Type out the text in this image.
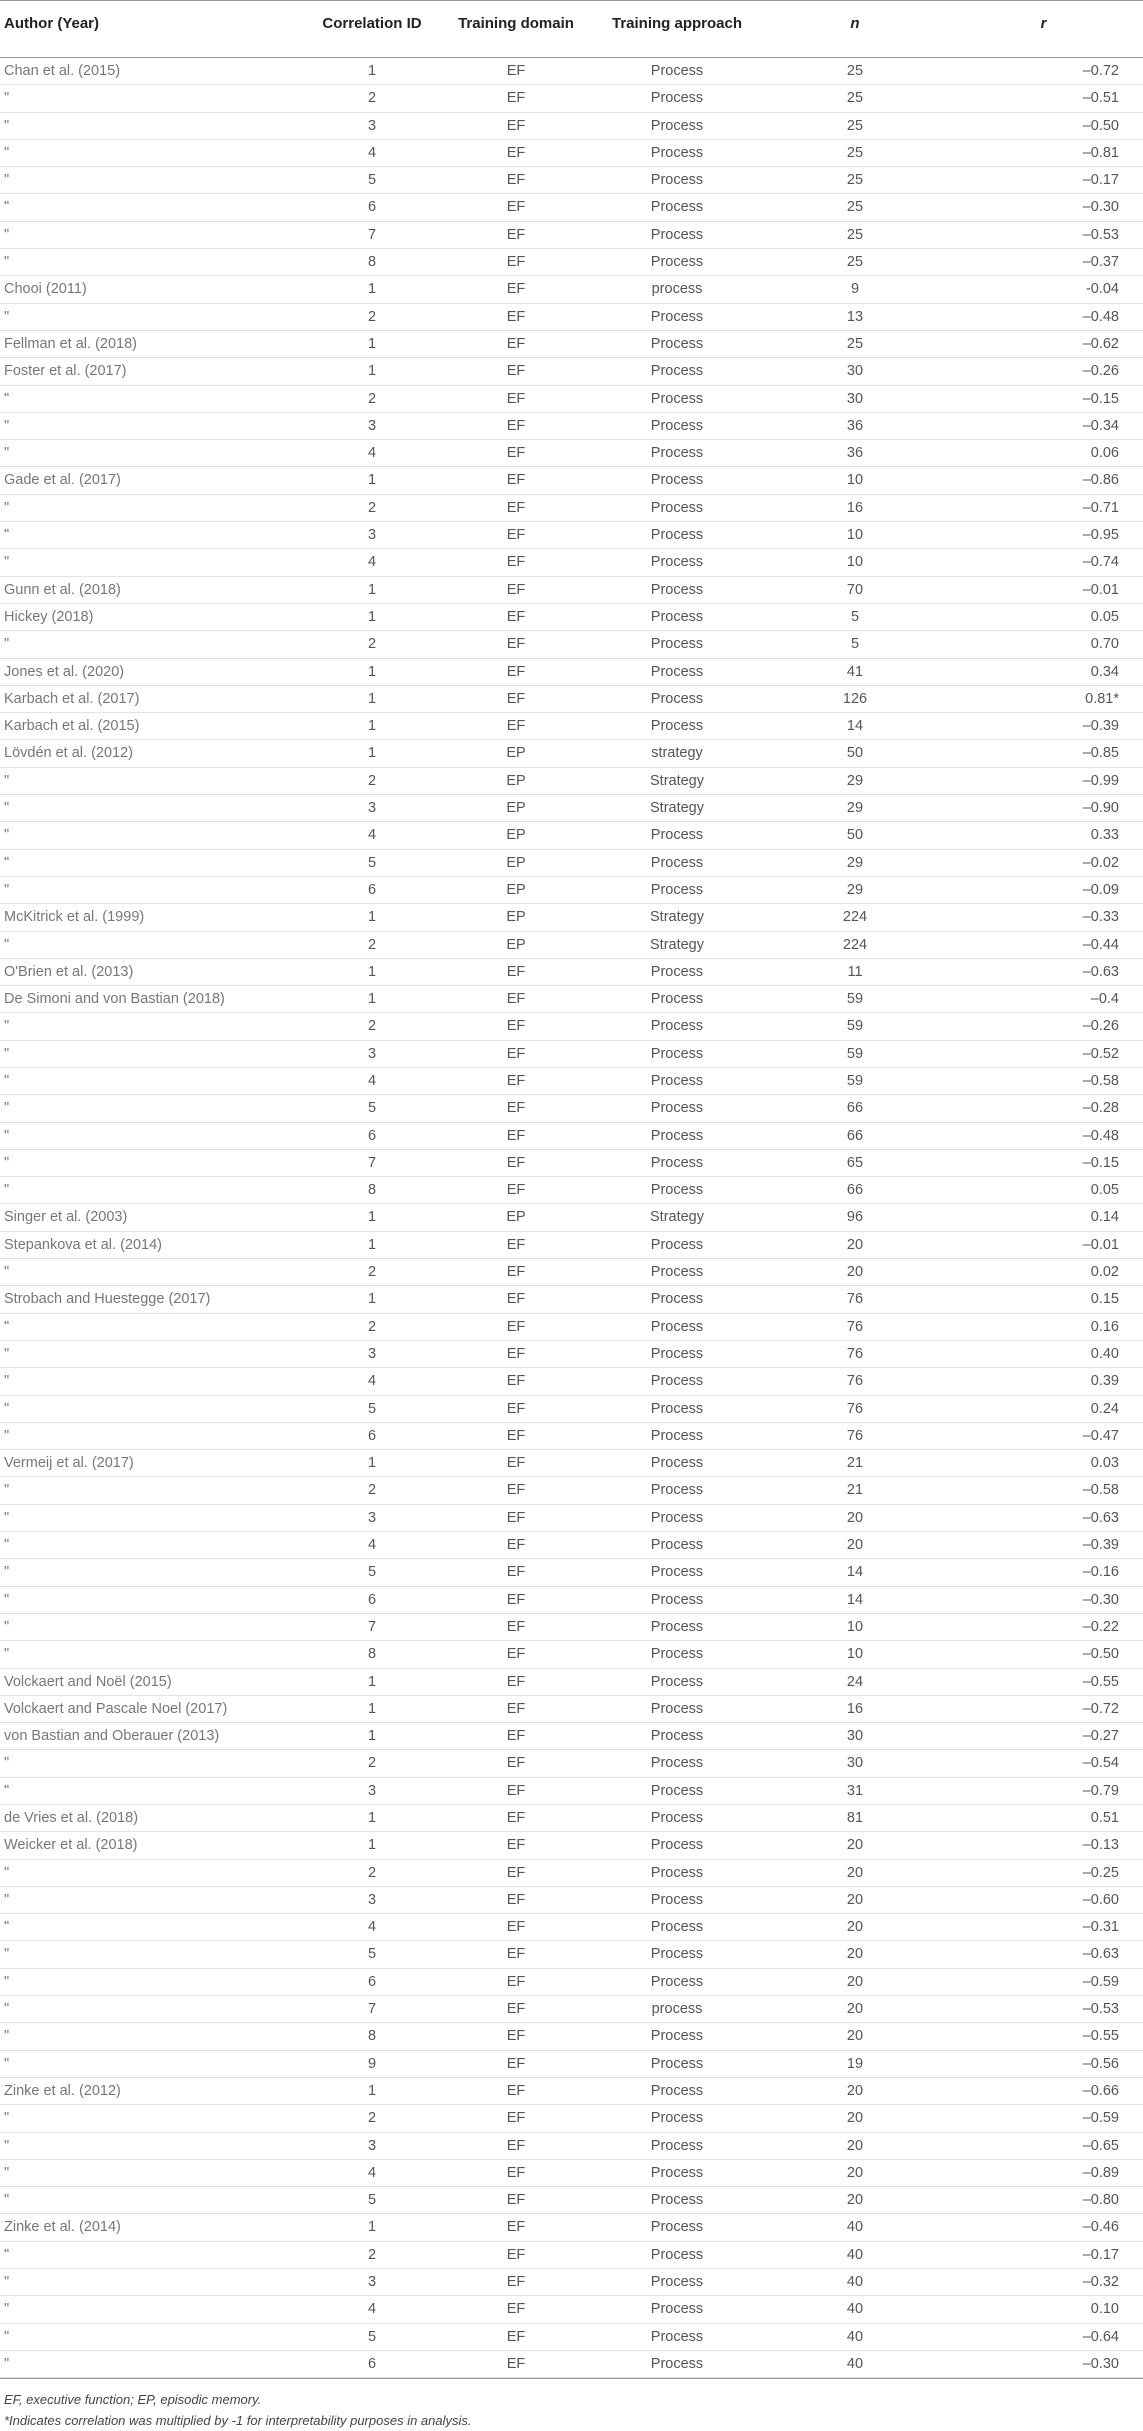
Author (Year)	Correlation ID	Training domain	Training approach	n	r
Chan et al. (2015)	1	EF	Process	25	–0.72
"	2	EF	Process	25	–0.51
"	3	EF	Process	25	–0.50
"	4	EF	Process	25	–0.81
"	5	EF	Process	25	–0.17
"	6	EF	Process	25	–0.30
"	7	EF	Process	25	–0.53
"	8	EF	Process	25	–0.37
Chooi (2011)	1	EF	process	9	-0.04
"	2	EF	Process	13	–0.48
Fellman et al. (2018)	1	EF	Process	25	–0.62
Foster et al. (2017)	1	EF	Process	30	–0.26
"	2	EF	Process	30	–0.15
"	3	EF	Process	36	–0.34
"	4	EF	Process	36	0.06
Gade et al. (2017)	1	EF	Process	10	–0.86
"	2	EF	Process	16	–0.71
"	3	EF	Process	10	–0.95
"	4	EF	Process	10	–0.74
Gunn et al. (2018)	1	EF	Process	70	–0.01
Hickey (2018)	1	EF	Process	5	0.05
"	2	EF	Process	5	0.70
Jones et al. (2020)	1	EF	Process	41	0.34
Karbach et al. (2017)	1	EF	Process	126	0.81*
Karbach et al. (2015)	1	EF	Process	14	–0.39
Lövdén et al. (2012)	1	EP	strategy	50	–0.85
"	2	EP	Strategy	29	–0.99
"	3	EP	Strategy	29	–0.90
"	4	EP	Process	50	0.33
"	5	EP	Process	29	–0.02
"	6	EP	Process	29	–0.09
McKitrick et al. (1999)	1	EP	Strategy	224	–0.33
"	2	EP	Strategy	224	–0.44
O'Brien et al. (2013)	1	EF	Process	11	–0.63
De Simoni and von Bastian (2018)	1	EF	Process	59	–0.4
"	2	EF	Process	59	–0.26
"	3	EF	Process	59	–0.52
"	4	EF	Process	59	–0.58
"	5	EF	Process	66	–0.28
"	6	EF	Process	66	–0.48
"	7	EF	Process	65	–0.15
"	8	EF	Process	66	0.05
Singer et al. (2003)	1	EP	Strategy	96	0.14
Stepankova et al. (2014)	1	EF	Process	20	–0.01
"	2	EF	Process	20	0.02
Strobach and Huestegge (2017)	1	EF	Process	76	0.15
"	2	EF	Process	76	0.16
"	3	EF	Process	76	0.40
"	4	EF	Process	76	0.39
"	5	EF	Process	76	0.24
"	6	EF	Process	76	–0.47
Vermeij et al. (2017)	1	EF	Process	21	0.03
"	2	EF	Process	21	–0.58
"	3	EF	Process	20	–0.63
"	4	EF	Process	20	–0.39
"	5	EF	Process	14	–0.16
"	6	EF	Process	14	–0.30
"	7	EF	Process	10	–0.22
"	8	EF	Process	10	–0.50
Volckaert and Noël (2015)	1	EF	Process	24	–0.55
Volckaert and Pascale Noel (2017)	1	EF	Process	16	–0.72
von Bastian and Oberauer (2013)	1	EF	Process	30	–0.27
"	2	EF	Process	30	–0.54
"	3	EF	Process	31	–0.79
de Vries et al. (2018)	1	EF	Process	81	0.51
Weicker et al. (2018)	1	EF	Process	20	–0.13
"	2	EF	Process	20	–0.25
"	3	EF	Process	20	–0.60
"	4	EF	Process	20	–0.31
"	5	EF	Process	20	–0.63
"	6	EF	Process	20	–0.59
"	7	EF	process	20	–0.53
"	8	EF	Process	20	–0.55
"	9	EF	Process	19	–0.56
Zinke et al. (2012)	1	EF	Process	20	–0.66
"	2	EF	Process	20	–0.59
"	3	EF	Process	20	–0.65
"	4	EF	Process	20	–0.89
"	5	EF	Process	20	–0.80
Zinke et al. (2014)	1	EF	Process	40	–0.46
"	2	EF	Process	40	–0.17
"	3	EF	Process	40	–0.32
"	4	EF	Process	40	0.10
"	5	EF	Process	40	–0.64
"	6	EF	Process	40	–0.30
EF, executive function; EP, episodic memory.
*Indicates correlation was multiplied by -1 for interpretability purposes in analysis.
